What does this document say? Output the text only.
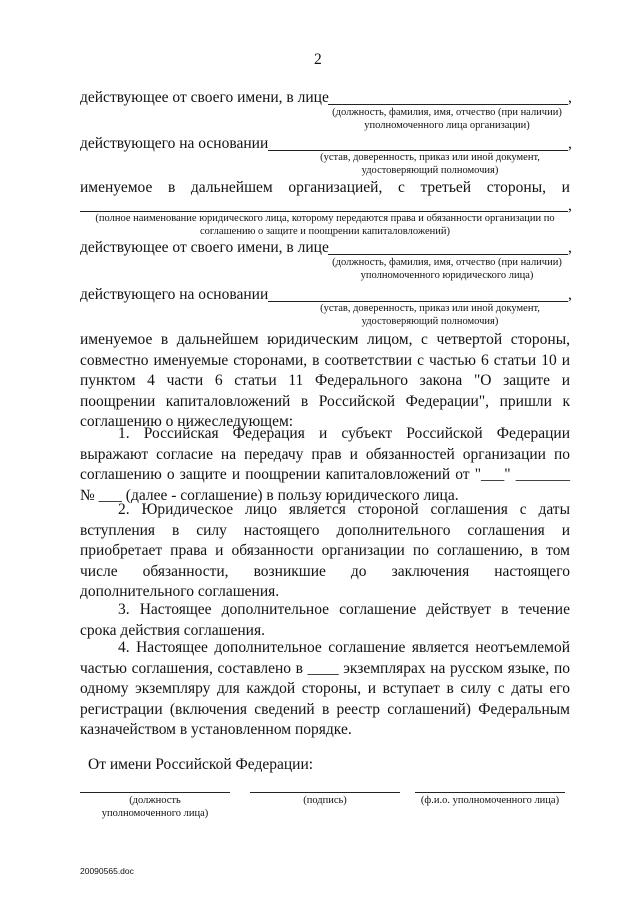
2
действующее от своего имени, в лице	,
(должность, фамилия, имя, отчество (при наличии) уполномоченного лица организации)
действующего на основании	,
(устав, доверенность, приказ или иной документ, удостоверяющий полномочия)
именуемое в дальнейшем организацией, с третьей стороны, и
,
(полное наименование юридического лица, которому передаются права и обязанности организации по соглашению о защите и поощрении капиталовложений)
действующее от своего имени, в лице	,
(должность, фамилия, имя, отчество (при наличии) уполномоченного юридического лица)
действующего на основании	,
(устав, доверенность, приказ или иной документ, удостоверяющий полномочия)
именуемое в дальнейшем юридическим лицом, с четвертой стороны, совместно именуемые сторонами, в соответствии с частью 6 статьи 10 и пунктом 4 части 6 статьи 11 Федерального закона "О защите и поощрении капиталовложений в Российской Федерации", пришли к соглашению о нижеследующем:
1. Российская Федерация и субъект Российской Федерации выражают согласие на передачу прав и обязанностей организации по соглашению о защите и поощрении капиталовложений от "___" _______ № ___ (далее - соглашение) в пользу юридического лица.
2. Юридическое лицо является стороной соглашения с даты вступления в силу настоящего дополнительного соглашения и приобретает права и обязанности организации по соглашению, в том числе обязанности, возникшие до заключения настоящего дополнительного соглашения.
3. Настоящее дополнительное соглашение действует в течение срока действия соглашения.
4. Настоящее дополнительное соглашение является неотъемлемой частью соглашения, составлено в ____ экземплярах на русском языке, по одному экземпляру для каждой стороны, и вступает в силу с даты его регистрации (включения сведений в реестр соглашений) Федеральным казначейством в установленном порядке.
От имени Российской Федерации:
(должность уполномоченного лица)
(подпись)	(ф.и.о. уполномоченного лица)
20090565.doc
